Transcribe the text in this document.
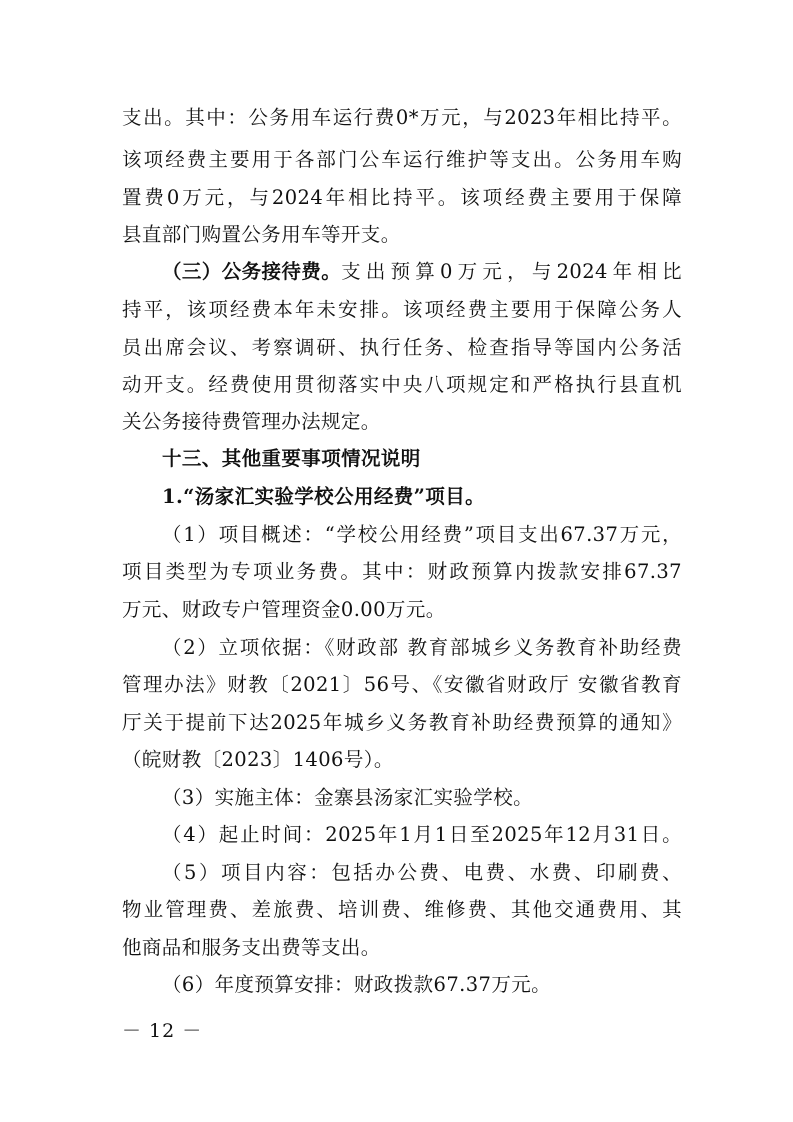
支出。其中：公务用车运行费0*万元，与2023年相比持平。
该项经费主要用于各部门公车运行维护等支出。公务用车购
置费0万元，与2024年相比持平。该项经费主要用于保障
县直部门购置公务用车等开支。
（三）公务接待费。 支出预算0万元，与2024年相比
持平，该项经费本年未安排。该项经费主要用于保障公务人
员出席会议、考察调研、执行任务、检查指导等国内公务活
动开支。经费使用贯彻落实中央八项规定和严格执行县直机
关公务接待费管理办法规定。
十三、其他重要事项情况说明
1.“汤家汇实验学校公用经费”项目。
（1）项目概述：“学校公用经费”项目支出67.37万元，
项目类型为专项业务费。其中：财政预算内拨款安排67.37
万元、财政专户管理资金0.00万元。
（2）立项依据：《财政部 教育部城乡义务教育补助经费
管理办法》财教〔2021〕56号、《安徽省财政厅 安徽省教育
厅关于提前下达2025年城乡义务教育补助经费预算的通知》
（皖财教〔2023〕1406号）。
（3）实施主体：金寨县汤家汇实验学校。
（4）起止时间：2025年1月1日至2025年12月31日。
（5）项目内容：包括办公费、电费、水费、印刷费、
物业管理费、差旅费、培训费、维修费、其他交通费用、其
他商品和服务支出费等支出。
（6）年度预算安排：财政拨款67.37万元。
－ 12 －
